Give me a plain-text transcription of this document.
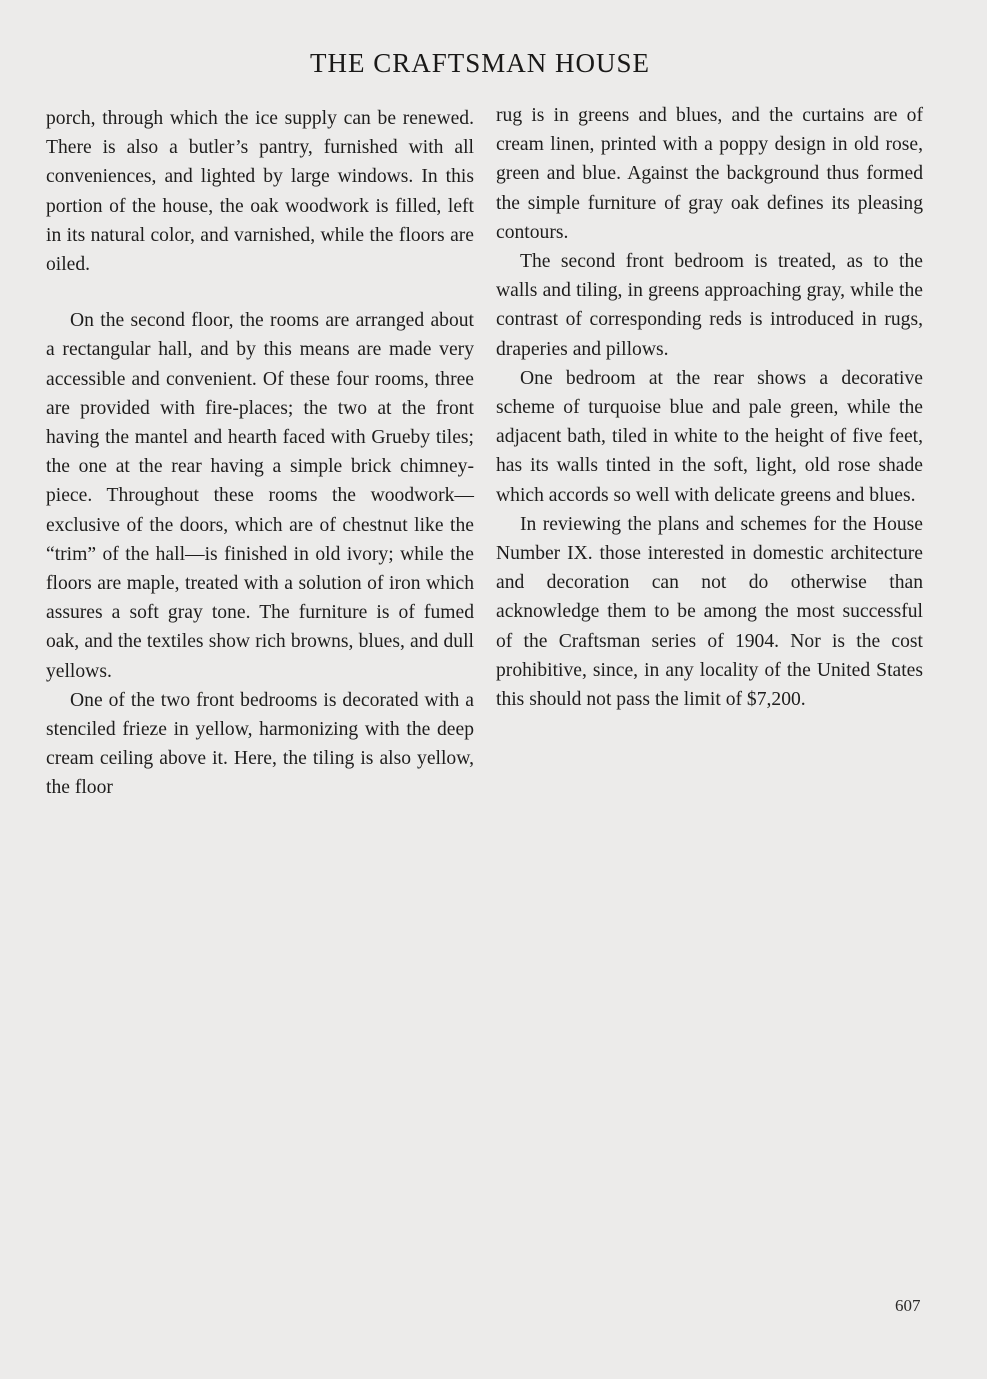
THE CRAFTSMAN HOUSE

porch, through which the ice supply can be renewed. There is also a butler’s pantry, furnished with all conveniences, and lighted by large windows. In this portion of the house, the oak woodwork is filled, left in its natural color, and varnished, while the floors are oiled.

On the second floor, the rooms are arranged about a rectangular hall, and by this means are made very accessible and convenient. Of these four rooms, three are provided with fire-places; the two at the front having the mantel and hearth faced with Grueby tiles; the one at the rear having a simple brick chimney-piece. Throughout these rooms the woodwork—exclusive of the doors, which are of chestnut like the “trim” of the hall—is finished in old ivory; while the floors are maple, treated with a solution of iron which assures a soft gray tone. The furniture is of fumed oak, and the textiles show rich browns, blues, and dull yellows.

One of the two front bedrooms is decorated with a stenciled frieze in yellow, harmonizing with the deep cream ceiling above it. Here, the tiling is also yellow, the floor

rug is in greens and blues, and the curtains are of cream linen, printed with a poppy design in old rose, green and blue. Against the background thus formed the simple furniture of gray oak defines its pleasing contours.

The second front bedroom is treated, as to the walls and tiling, in greens approaching gray, while the contrast of corresponding reds is introduced in rugs, draperies and pillows.

One bedroom at the rear shows a decorative scheme of turquoise blue and pale green, while the adjacent bath, tiled in white to the height of five feet, has its walls tinted in the soft, light, old rose shade which accords so well with delicate greens and blues.

In reviewing the plans and schemes for the House Number IX. those interested in domestic architecture and decoration can not do otherwise than acknowledge them to be among the most successful of the Craftsman series of 1904. Nor is the cost prohibitive, since, in any locality of the United States this should not pass the limit of $7,200.

607
